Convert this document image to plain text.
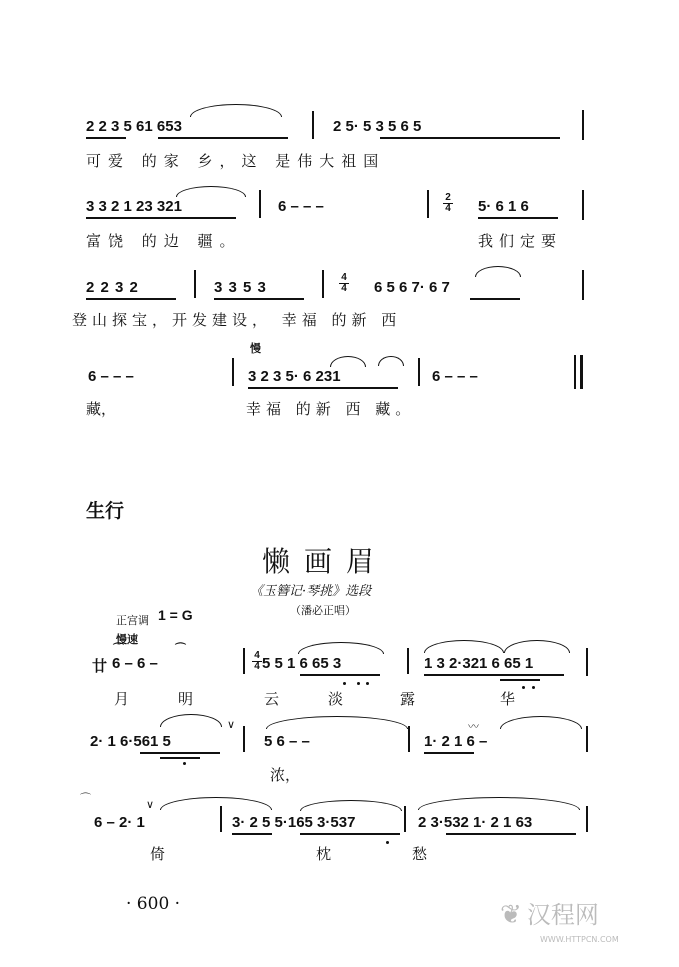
2 2 3 5 61 653	2 5· 5 3 5 6 5
可爱 的家 乡，这 是伟大祖国
3 3 2 1 23 321	6 – – –	$\frac{2}{4} 5\cdot 6$ 1 6
富饶 的边 疆。	我们定要
2 2 3 2	3 3 5 3	$\frac{4}{4} 6$ 5 6 7· 6 7
登山探宝，开发建设， 幸福 的新 西
慢
6 – – –	3 2 3 5· 6 231	6 – – –
藏，	幸福 的新 西 藏。
生行
懒画眉
《玉簪记·琴挑》选段
（潘必正唱）
正宫调 1 = G
慢速
廿 6 – 6 –
⌒	⌒
$\frac{4}{4} 5$ 5 1 6 65 3	1 3 2·321 6 65 1
月	明	云	淡	露	华
2· 1 6·561 5
∨
5 6 – –	1· 2 1 6 –
〰
浓，
⌒
6 – 2· 1
∨
3· 2 5 5·165 3·537	2 3·532 1· 2 1 63
倚	枕	愁
· 600 ·	❦ 汉程网
WWW.HTTPCN.COM
